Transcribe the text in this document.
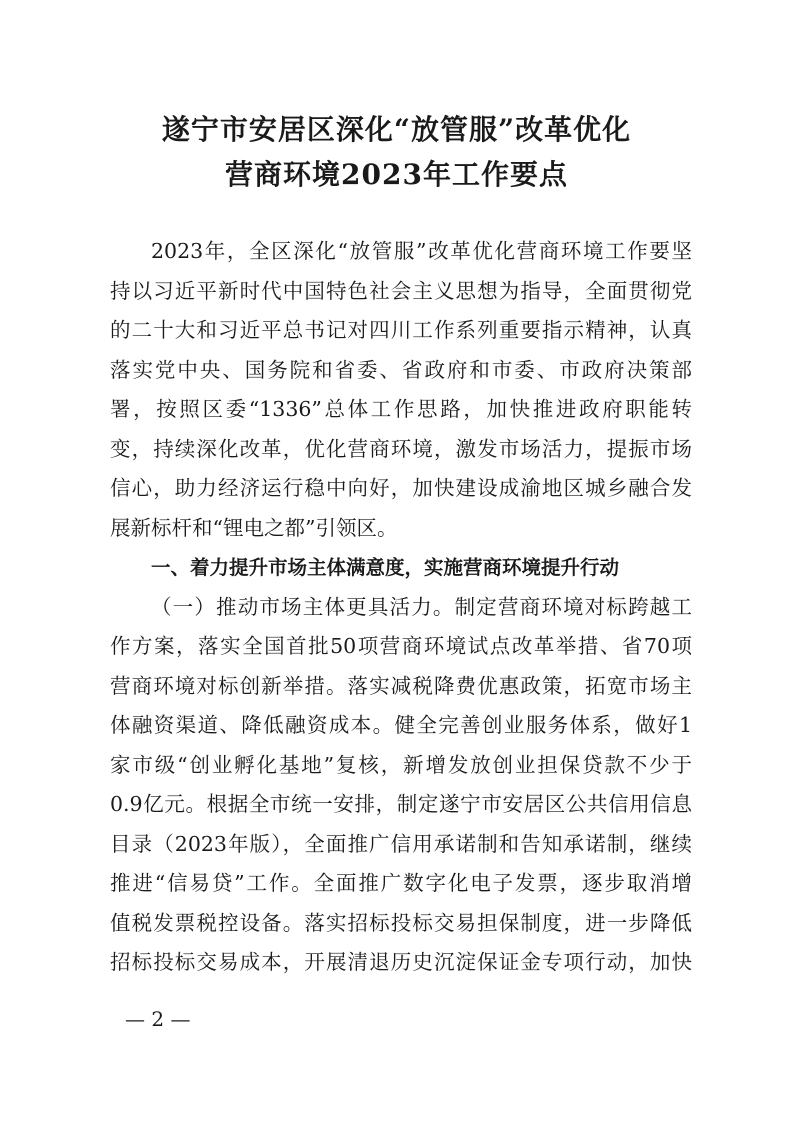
遂宁市安居区深化“放管服”改革优化
营商环境2023年工作要点
2023年，全区深化“放管服”改革优化营商环境工作要坚
持以习近平新时代中国特色社会主义思想为指导，全面贯彻党
的二十大和习近平总书记对四川工作系列重要指示精神，认真
落实党中央、国务院和省委、省政府和市委、市政府决策部
署，按照区委“1336”总体工作思路，加快推进政府职能转
变，持续深化改革，优化营商环境，激发市场活力，提振市场
信心，助力经济运行稳中向好，加快建设成渝地区城乡融合发
展新标杆和“锂电之都”引领区。
一、着力提升市场主体满意度，实施营商环境提升行动
（一）推动市场主体更具活力。制定营商环境对标跨越工
作方案，落实全国首批50项营商环境试点改革举措、省70项
营商环境对标创新举措。落实减税降费优惠政策，拓宽市场主
体融资渠道、降低融资成本。健全完善创业服务体系，做好1
家市级“创业孵化基地”复核，新增发放创业担保贷款不少于
0.9亿元。根据全市统一安排，制定遂宁市安居区公共信用信息
目录（2023年版），全面推广信用承诺制和告知承诺制，继续
推进“信易贷”工作。全面推广数字化电子发票，逐步取消增
值税发票税控设备。落实招标投标交易担保制度，进一步降低
招标投标交易成本，开展清退历史沉淀保证金专项行动，加快
— 2 —
